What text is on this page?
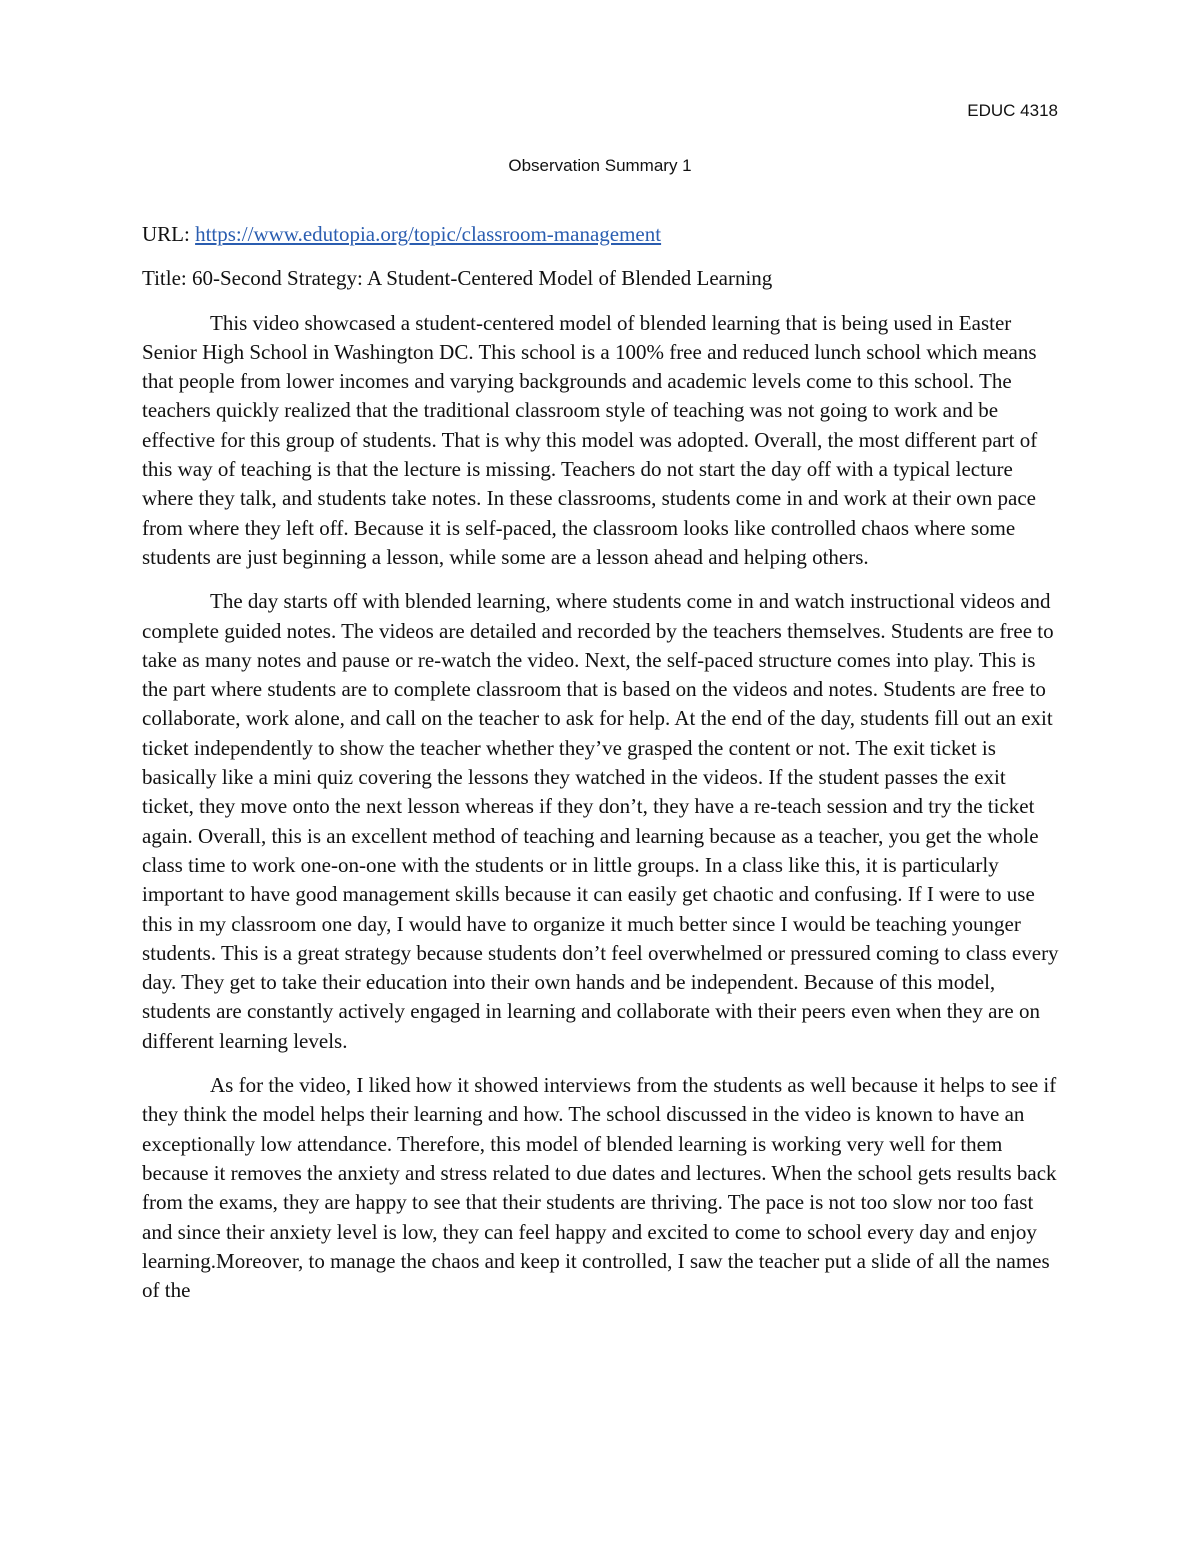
EDUC 4318
Observation Summary 1

URL: https://www.edutopia.org/topic/classroom-management

Title: 60-Second Strategy: A Student-Centered Model of Blended Learning

This video showcased a student-centered model of blended learning that is being used in Easter Senior High School in Washington DC. This school is a 100% free and reduced lunch school which means that people from lower incomes and varying backgrounds and academic levels come to this school. The teachers quickly realized that the traditional classroom style of teaching was not going to work and be effective for this group of students. That is why this model was adopted. Overall, the most different part of this way of teaching is that the lecture is missing. Teachers do not start the day off with a typical lecture where they talk, and students take notes. In these classrooms, students come in and work at their own pace from where they left off. Because it is self-paced, the classroom looks like controlled chaos where some students are just beginning a lesson, while some are a lesson ahead and helping others.

The day starts off with blended learning, where students come in and watch instructional videos and complete guided notes. The videos are detailed and recorded by the teachers themselves. Students are free to take as many notes and pause or re-watch the video. Next, the self-paced structure comes into play. This is the part where students are to complete classroom that is based on the videos and notes. Students are free to collaborate, work alone, and call on the teacher to ask for help. At the end of the day, students fill out an exit ticket independently to show the teacher whether they’ve grasped the content or not. The exit ticket is basically like a mini quiz covering the lessons they watched in the videos. If the student passes the exit ticket, they move onto the next lesson whereas if they don’t, they have a re-teach session and try the ticket again. Overall, this is an excellent method of teaching and learning because as a teacher, you get the whole class time to work one-on-one with the students or in little groups. In a class like this, it is particularly important to have good management skills because it can easily get chaotic and confusing. If I were to use this in my classroom one day, I would have to organize it much better since I would be teaching younger students. This is a great strategy because students don’t feel overwhelmed or pressured coming to class every day. They get to take their education into their own hands and be independent. Because of this model, students are constantly actively engaged in learning and collaborate with their peers even when they are on different learning levels.

As for the video, I liked how it showed interviews from the students as well because it helps to see if they think the model helps their learning and how. The school discussed in the video is known to have an exceptionally low attendance. Therefore, this model of blended learning is working very well for them because it removes the anxiety and stress related to due dates and lectures. When the school gets results back from the exams, they are happy to see that their students are thriving. The pace is not too slow nor too fast and since their anxiety level is low, they can feel happy and excited to come to school every day and enjoy learning.Moreover, to manage the chaos and keep it controlled, I saw the teacher put a slide of all the names of the
